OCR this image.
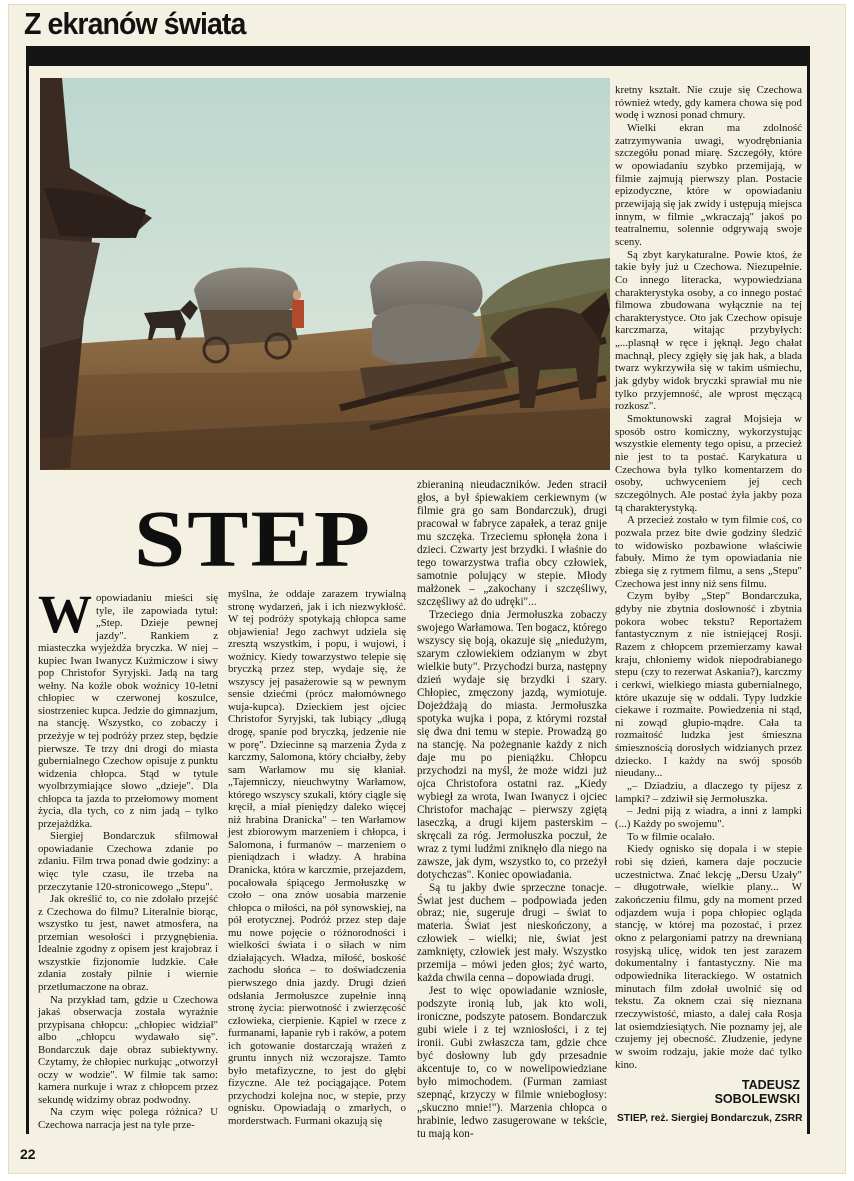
Z ekranów świata
STEP
W opowiadaniu mieści się tyle, ile zapowiada tytuł: „Step. Dzieje pewnej jazdy". Rankiem z miasteczka wyjeżdża bryczka. W niej – kupiec Iwan Iwanycz Kuźmiczow i siwy pop Christofor Syryjski. Jadą na targ wełny. Na koźle obok woźnicy 10-letni chłopiec w czerwonej koszulce, siostrzeniec kupca. Jedzie do gimnazjum, na stancję. Wszystko, co zobaczy i przeżyje w tej podróży przez step, będzie pierwsze. Te trzy dni drogi do miasta gubernialnego Czechow opisuje z punktu widzenia chłopca. Stąd w tytule wyolbrzymiające słowo „dzieje". Dla chłopca ta jazda to przełomowy moment życia, dla tych, co z nim jadą – tylko przejażdżka.

Siergiej Bondarczuk sfilmował opowiadanie Czechowa zdanie po zdaniu. Film trwa ponad dwie godziny: a więc tyle czasu, ile trzeba na przeczytanie 120-stronicowego „Stepu".

Jak określić to, co nie zdołało przejść z Czechowa do filmu? Literalnie biorąc, wszystko tu jest, nawet atmosfera, na przemian wesołości i przygnębienia. Idealnie zgodny z opisem jest krajobraz i wszystkie fizjonomie ludzkie. Całe zdania zostały pilnie i wiernie przetłumaczone na obraz.

Na przykład tam, gdzie u Czechowa jakaś obserwacja została wyraźnie przypisana chłopcu: „chłopiec widział" albo „chłopcu wydawało się". Bondarczuk daje obraz subiektywny. Czytamy, że chłopiec nurkując „otworzył oczy w wodzie". W filmie tak samo: kamera nurkuje i wraz z chłopcem przez sekundę widzimy obraz podwodny.

Na czym więc polega różnica? U Czechowa narracja jest na tyle prze-

myślna, że oddaje zarazem trywialną stronę wydarzeń, jak i ich niezwykłość. W tej podróży spotykają chłopca same objawienia! Jego zachwyt udziela się zresztą wszystkim, i popu, i wujowi, i woźnicy. Kiedy towarzystwo telepie się bryczką przez step, wydaje się, że wszyscy jej pasażerowie są w pewnym sensie dziećmi (prócz małomównego wuja-kupca). Dzieckiem jest ojciec Christofor Syryjski, tak lubiący „długą drogę, spanie pod bryczką, jedzenie nie w porę". Dziecinne są marzenia Żyda z karczmy, Salomona, który chciałby, żeby sam Warłamow mu się kłaniał. „Tajemniczy, nieuchwytny Warłamow, którego wszyscy szukali, który ciągle się kręcił, a miał pieniędzy daleko więcej niż hrabina Dranicka" – ten Warłamow jest zbiorowym marzeniem i chłopca, i Salomona, i furmanów – marzeniem o pieniądzach i władzy. A hrabina Dranicka, która w karczmie, przejazdem, pocałowała śpiącego Jermołuszkę w czoło – ona znów uosabia marzenie chłopca o miłości, na pół synowskiej, na pół erotycznej. Podróż przez step daje mu nowe pojęcie o różnorodności i wielkości świata i o siłach w nim działających. Władza, miłość, boskość zachodu słońca – to doświadczenia pierwszego dnia jazdy. Drugi dzień odsłania Jermołuszce zupełnie inną stronę życia: pierwotność i zwierzęcość człowieka, cierpienie. Kąpiel w rzece z furmanami, łapanie ryb i raków, a potem ich gotowanie dostarczają wrażeń z gruntu innych niż wczorajsze. Tamto było metafizyczne, to jest do głębi fizyczne. Ale też pociągające. Potem przychodzi kolejna noc, w stepie, przy ognisku. Opowiadają o zmarłych, o morderstwach. Furmani okazują się

zbieraniną nieudaczników. Jeden stracił głos, a był śpiewakiem cerkiewnym (w filmie gra go sam Bondarczuk), drugi pracował w fabryce zapałek, a teraz gnije mu szczęka. Trzeciemu spłonęła żona i dzieci. Czwarty jest brzydki. I właśnie do tego towarzystwa trafia obcy człowiek, samotnie polujący w stepie. Młody małżonek – „zakochany i szczęśliwy, szczęśliwy aż do udręki"...

Trzeciego dnia Jermołuszka zobaczy swojego Warłamowa. Ten bogacz, którego wszyscy się boją, okazuje się „niedużym, szarym człowiekiem odzianym w zbyt wielkie buty". Przychodzi burza, następny dzień wydaje się brzydki i szary. Chłopiec, zmęczony jazdą, wymiotuje. Dojeżdżają do miasta. Jermołuszka spotyka wujka i popa, z którymi rozstał się dwa dni temu w stepie. Prowadzą go na stancję. Na pożegnanie każdy z nich daje mu po pieniążku. Chłopcu przychodzi na myśl, że może widzi już ojca Christofora ostatni raz. „Kiedy wybiegł za wrota, Iwan Iwanycz i ojciec Christofor machając – pierwszy zgiętą laseczką, a drugi kijem pasterskim – skręcali za róg. Jermołuszka poczuł, że wraz z tymi ludźmi zniknęło dla niego na zawsze, jak dym, wszystko to, co przeżył dotychczas". Koniec opowiadania.

Są tu jakby dwie sprzeczne tonacje. Świat jest duchem – podpowiada jeden obraz; nie, sugeruje drugi – świat to materia. Świat jest nieskończony, a człowiek – wielki; nie, świat jest zamknięty, człowiek jest mały. Wszystko przemija – mówi jeden głos; żyć warto, każda chwila cenna – dopowiada drugi.

Jest to więc opowiadanie wzniosłe, podszyte ironią lub, jak kto woli, ironiczne, podszyte patosem. Bondarczuk gubi wiele i z tej wzniosłości, i z tej ironii. Gubi zwłaszcza tam, gdzie chce być dosłowny lub gdy przesadnie akcentuje to, co w nowelipowiedziane było mimochodem. (Furman zamiast szepnąć, krzyczy w filmie wniebogłosy: „skuczno mnie!"). Marzenia chłopca o hrabinie, ledwo zasugerowane w tekście, tu mają kon-

kretny kształt. Nie czuje się Czechowa również wtedy, gdy kamera chowa się pod wodę i wznosi ponad chmury.

Wielki ekran ma zdolność zatrzymywania uwagi, wyodrębniania szczegółu ponad miarę. Szczegóły, które w opowiadaniu szybko przemijają, w filmie zajmują pierwszy plan. Postacie epizodyczne, które w opowiadaniu przewijają się jak zwidy i ustępują miejsca innym, w filmie „wkraczają" jakoś po teatralnemu, solennie odgrywają swoje sceny.

Są zbyt karykaturalne. Powie ktoś, że takie były już u Czechowa. Niezupełnie. Co innego literacka, wypowiedziana charakterystyka osoby, a co innego postać filmowa zbudowana wyłącznie na tej charakterystyce. Oto jak Czechow opisuje karczmarza, witając przybyłych: „...plasnął w ręce i jęknął. Jego chałat machnął, plecy zgięły się jak hak, a blada twarz wykrzywiła się w takim uśmiechu, jak gdyby widok bryczki sprawiał mu nie tylko przyjemność, ale wprost męczącą rozkosz".

Smoktunowski zagrał Mojsieja w sposób ostro komiczny, wykorzystując wszystkie elementy tego opisu, a przecież nie jest to ta postać. Karykatura u Czechowa była tylko komentarzem do osoby, uchwyceniem jej cech szczególnych. Ale postać żyła jakby poza tą charakterystyką.

A przecież zostało w tym filmie coś, co pozwala przez bite dwie godziny śledzić to widowisko pozbawione właściwie fabuły. Mimo że tym opowiadania nie zbiega się z rytmem filmu, a sens „Stepu" Czechowa jest inny niż sens filmu.

Czym byłby „Step" Bondarczuka, gdyby nie zbytnia dosłowność i zbytnia pokora wobec tekstu? Reportażem fantastycznym z nie istniejącej Rosji. Razem z chłopcem przemierzamy kawał kraju, chłoniemy widok niepodrabianego stepu (czy to rezerwat Askania?), karczmy i cerkwi, wielkiego miasta gubernialnego, które ukazuje się w oddali. Typy ludzkie ciekawe i rozmaite. Powiedzenia ni stąd, ni zowąd głupio-mądre. Cała ta rozmaitość ludzka jest śmieszna śmiesznością dorosłych widzianych przez dziecko. I każdy na swój sposób nieudany...

„– Dziadziu, a dlaczego ty pijesz z lampki? – zdziwił się Jermołuszka.

– Jedni piją z wiadra, a inni z lampki (...) Każdy po swojemu".

To w filmie ocalało.

Kiedy ognisko się dopala i w stepie robi się dzień, kamera daje poczucie uczestnictwa. Znać lekcję „Dersu Uzały" – długotrwałe, wielkie plany... W zakończeniu filmu, gdy na moment przed odjazdem wuja i popa chłopiec ogląda stancję, w której ma pozostać, i przez okno z pelargoniami patrzy na drewnianą rosyjską ulicę, widok ten jest zarazem dokumentalny i fantastyczny. Nie ma odpowiednika literackiego. W ostatnich minutach film zdołał uwolnić się od tekstu. Za oknem czai się nieznana rzeczywistość, miasto, a dalej cała Rosja lat osiemdziesiątych. Nie poznamy jej, ale czujemy jej obecność. Złudzenie, jedyne w swoim rodzaju, jakie może dać tylko kino.

TADEUSZ
SOBOLEWSKI
STIEP, reż. Siergiej Bondarczuk, ZSRR
22
